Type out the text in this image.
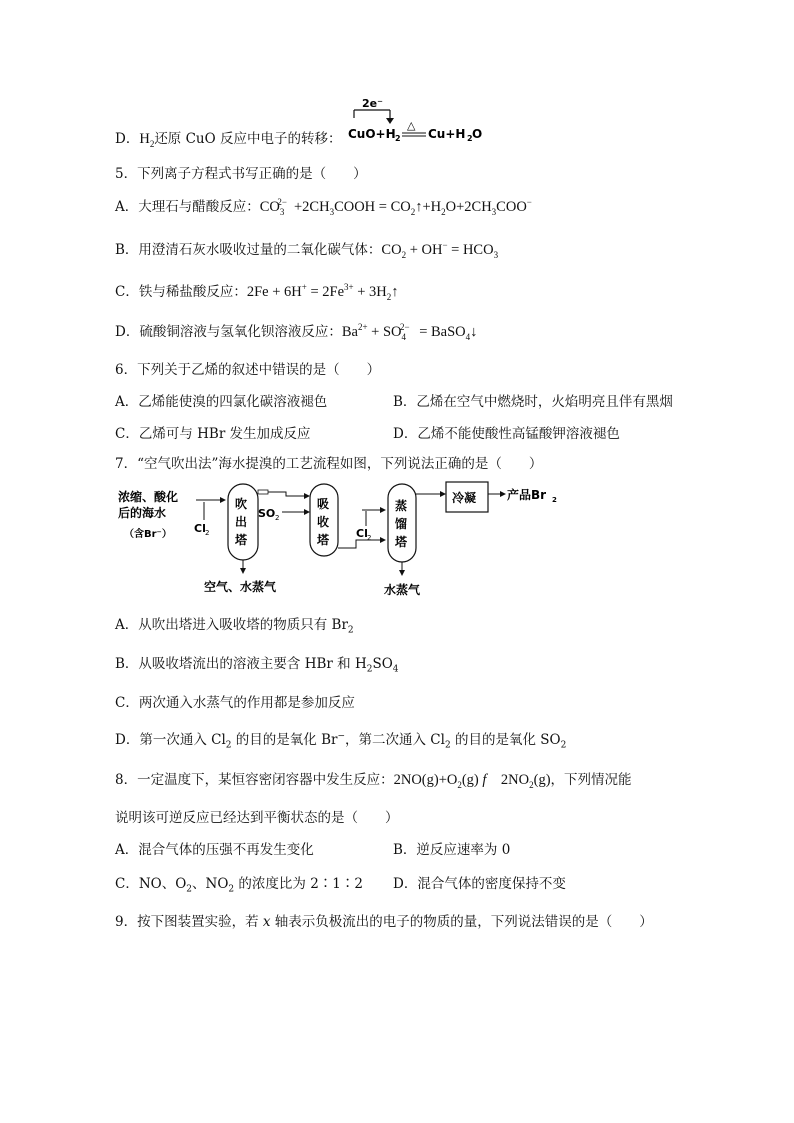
D．$H_2$还原 CuO 反应中电子的转移：
2e⁻
CuO+H 2
△
Cu+H 2 O
5．下列离子方程式书写正确的是（　　）
A．大理石与醋酸反应：$CO_3^{2-}$ $+2CH_3COOH$ = $CO_2↑+H_2O+2CH_3COO^-$
B．用澄清石灰水吸收过量的二氧化碳气体：$CO_2 + OH^- = HCO_3$
C．铁与稀盐酸反应：$2Fe + 6H^+ = 2Fe^{3+}$ + $3H_2↑$
D．硫酸铜溶液与氢氧化钡溶液反应：$Ba^{2+} + SO_4^{2-}$ = BaSO$_4$↓
6．下列关于乙烯的叙述中错误的是（　　）
A．乙烯能使溴的四氯化碳溶液褪色	B．乙烯在空气中燃烧时，火焰明亮且伴有黑烟
C．乙烯可与 HBr 发生加成反应	D．乙烯不能使酸性高锰酸钾溶液褪色
7．“空气吹出法”海水提溴的工艺流程如图，下列说法正确的是（　　）
浓缩、酸化
后的海水
（含Br⁻） Cl 2
吹
出
塔
空气、水蒸气
SO 2
吸
收
塔 Cl 2
蒸
馏
塔
水蒸气
冷凝	产品Br 2
A．从吹出塔进入吸收塔的物质只有 $Br_2$
B．从吸收塔流出的溶液主要含 HBr 和 $H_2SO_4$
C．两次通入水蒸气的作用都是参加反应
D．第一次通入 $Cl_2$ 的目的是氧化 Br−，第二次通入 $Cl_2$ 的目的是氧化 $SO_2$
8．一定温度下，某恒容密闭容器中发生反应：$2NO(g)+O_2(g)$ f　$2NO_2(g)$，下列情况能
说明该可逆反应已经达到平衡状态的是（　　）
A．混合气体的压强不再发生变化	B．逆反应速率为 0
C．NO、$O_2$、$NO_2$ 的浓度比为 2∶1∶2 D．混合气体的密度保持不变
9．按下图装置实验，若 x 轴表示负极流出的电子的物质的量，下列说法错误的是（　　）
